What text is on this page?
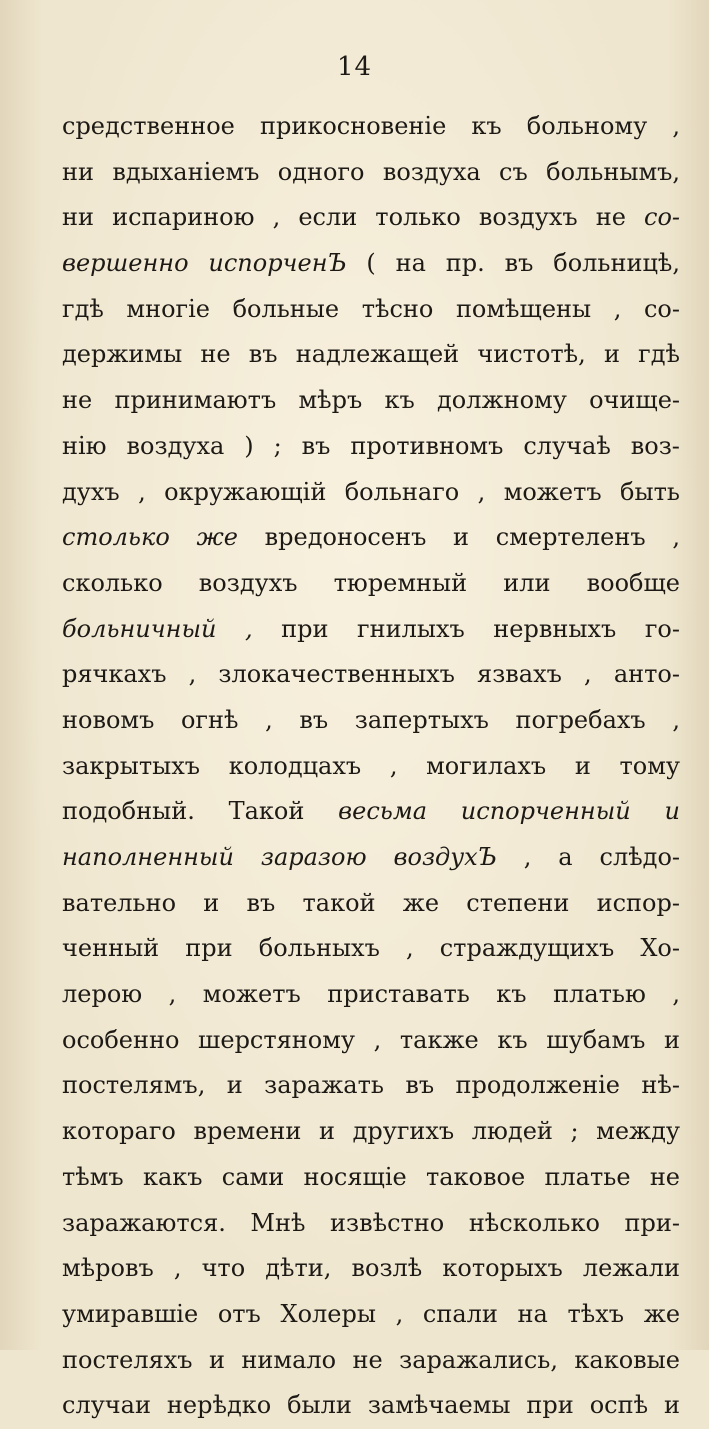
14
средственное прикосновеніе къ больному ,
ни вдыханіемъ одного воздуха съ больнымъ,
ни испариною , если только воздухъ не со-
вершенно испорченЪ ( на пр. въ больницѣ,
гдѣ многіе больные тѣсно помѣщены , со-
держимы не въ надлежащей чистотѣ, и гдѣ
не принимаютъ мѣръ къ должному очище-
нію воздуха ) ; въ противномъ случаѣ воз-
духъ , окружающій больнаго , можетъ быть
столько же вредоносенъ и смертеленъ ,
сколько воздухъ тюремный или вообще
больничный , при гнилыхъ нервныхъ го-
рячкахъ , злокачественныхъ язвахъ , анто-
новомъ огнѣ , въ запертыхъ погребахъ ,
закрытыхъ колодцахъ , могилахъ и тому
подобный. Такой весьма испорченный и
наполненный заразою воздухЪ , а слѣдо-
вательно и въ такой же степени испор-
ченный при больныхъ , страждущихъ Хо-
лерою , можетъ приставать къ платью ,
особенно шерстяному , также къ шубамъ и
постелямъ, и заражать въ продолженіе нѣ-
котораго времени и другихъ людей ; между
тѣмъ какъ сами носящіе таковое платье не
заражаются. Мнѣ извѣстно нѣсколько при-
мѣровъ , что дѣти, возлѣ которыхъ лежали
умиравшіе отъ Холеры , спали на тѣхъ же
постеляхъ и нимало не заражались, каковые
случаи нерѣдко были замѣчаемы при оспѣ и
